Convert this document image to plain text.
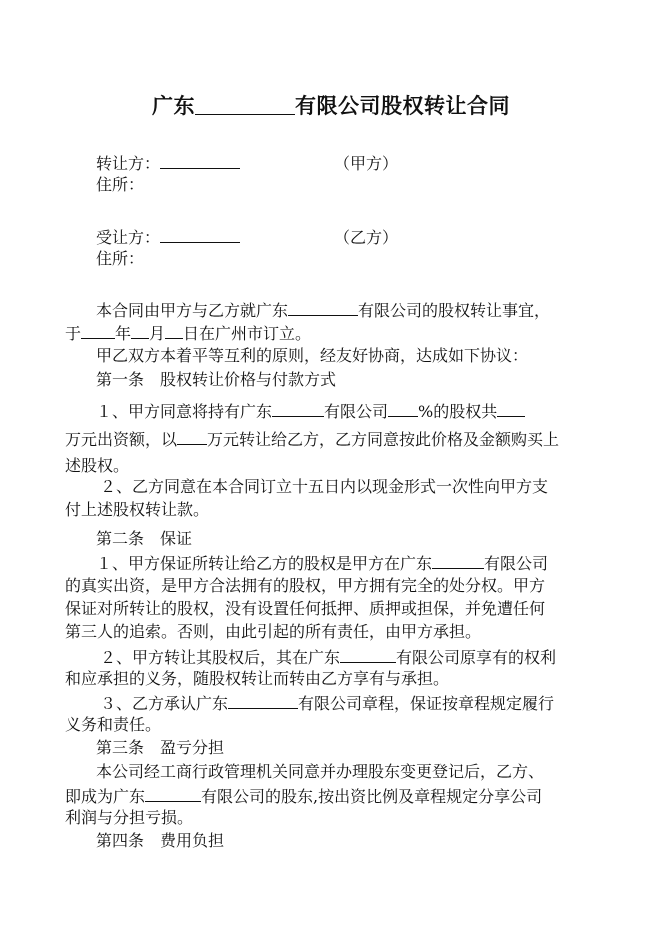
广东	有限公司股权转让合同
转让方：	（甲方）
住所：
受让方：	（乙方）
住所：
本合同由甲方与乙方就广东	有限公司的股权转让事宜，
于 年 月 日在广州市订立。
甲乙双方本着平等互利的原则，经友好协商，达成如下协议：
第一条　股权转让价格与付款方式
１、甲方同意将持有广东	有限公司 %的股权共
万元出资额，以 万元转让给乙方，乙方同意按此价格及金额购买上
述股权。
２、乙方同意在本合同订立十五日内以现金形式一次性向甲方支
付上述股权转让款。
第二条　保证
１、甲方保证所转让给乙方的股权是甲方在广东	有限公司
的真实出资，是甲方合法拥有的股权，甲方拥有完全的处分权。甲方
保证对所转让的股权，没有设置任何抵押、质押或担保，并免遭任何
第三人的追索。否则，由此引起的所有责任，由甲方承担。
２、甲方转让其股权后，其在广东	有限公司原享有的权利
和应承担的义务，随股权转让而转由乙方享有与承担。
３、乙方承认广东	有限公司章程，保证按章程规定履行
义务和责任。
第三条　盈亏分担
本公司经工商行政管理机关同意并办理股东变更登记后，乙方、
即成为广东	有限公司的股东,按出资比例及章程规定分享公司
利润与分担亏损。
第四条　费用负担
